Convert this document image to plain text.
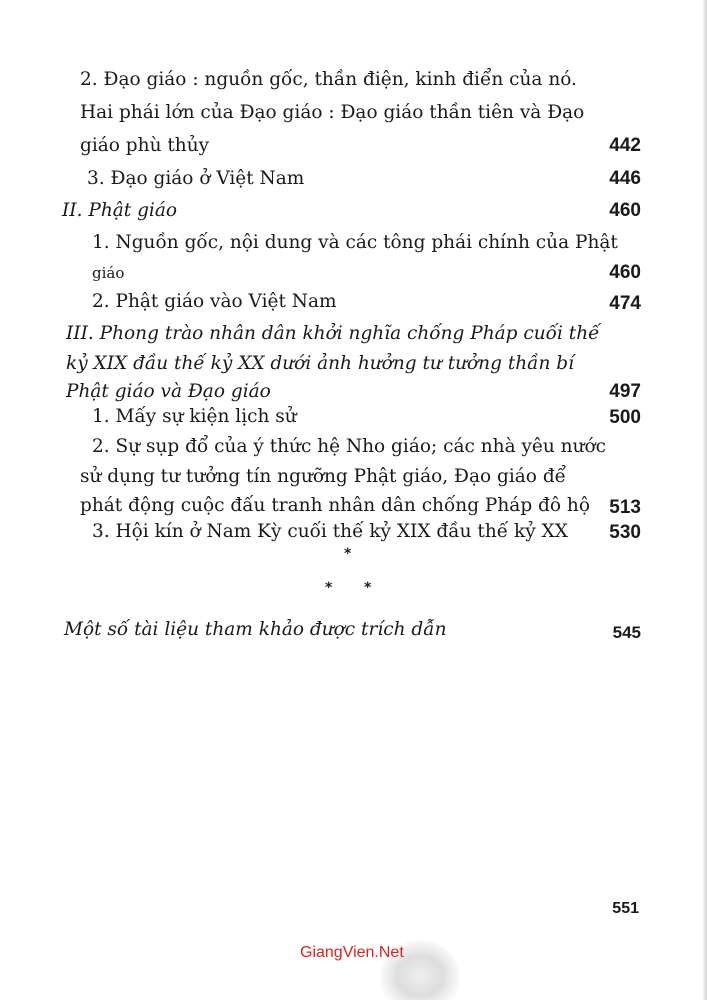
2. Đạo giáo : nguồn gốc, thần điện, kinh điển của nó.
Hai phái lớn của Đạo giáo : Đạo giáo thần tiên và Đạo
giáo phù thủy	442
3. Đạo giáo ở Việt Nam	446
II. Phật giáo	460
1. Nguồn gốc, nội dung và các tông phái chính của Phật
giáo	460
2. Phật giáo vào Việt Nam	474
III. Phong trào nhân dân khởi nghĩa chống Pháp cuối thế
kỷ XIX đầu thế kỷ XX dưới ảnh hưởng tư tưởng thần bí
Phật giáo và Đạo giáo	497
1. Mấy sự kiện lịch sử	500
2. Sự sụp đổ của ý thức hệ Nho giáo; các nhà yêu nước
sử dụng tư tưởng tín ngưỡng Phật giáo, Đạo giáo để
phát động cuộc đấu tranh nhân dân chống Pháp đô hộ 513
3. Hội kín ở Nam Kỳ cuối thế kỷ XIX đầu thế kỷ XX 530
*
* *
Một số tài liệu tham khảo được trích dẫn	545
551
GiangVien.Net
